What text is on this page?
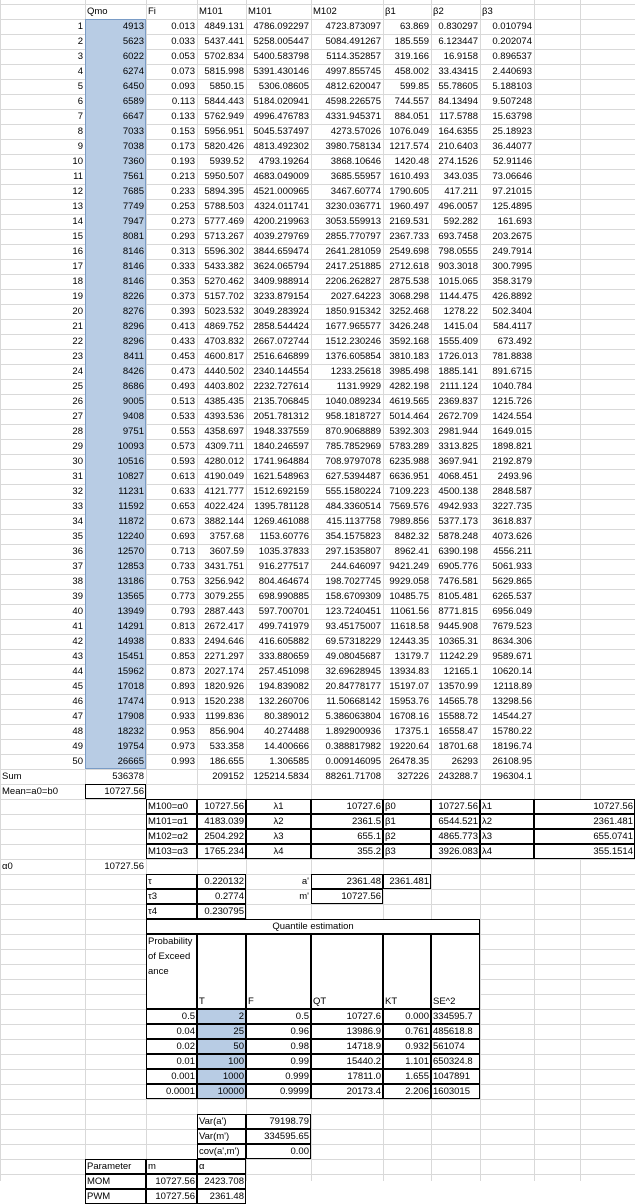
Qmo	Fi	M101	M101	M102	β1	β2	β3
1	4913	0.013 4849.131	4786.092297	4723.873097	63.869 0.830297	0.010794
2	5623	0.033 5437.441	5258.005447	5084.491267	185.559 6.123447	0.202074
3	6022	0.053 5702.834	5400.583798	5114.352857	319.166	16.9158	0.896537
4	6274	0.073 5815.998	5391.430146	4997.855745	458.002 33.43415	2.440693
5	6450	0.093	5850.15	5306.08605	4812.620047	599.85 55.78605	5.188103
6	6589	0.113 5844.443	5184.020941	4598.226575	744.557 84.13494	9.507248
7	6647	0.133 5762.949	4996.476783	4331.945371	884.051	117.5788	15.63798
8	7033	0.153 5956.951	5045.537497	4273.57026 1076.049 164.6355	25.18923
9	7038	0.173 5820.426	4813.492302	3980.758134 1217.574 210.6403	36.44077
10	7360	0.193	5939.52	4793.19264	3868.10646	1420.48 274.1526	52.91146
11	7561	0.213 5950.507	4683.049009	3685.55957 1610.493	343.035	73.06646
12	7685	0.233 5894.395	4521.000965	3467.60774 1790.605	417.211	97.21015
13	7749	0.253 5788.503	4324.011741	3230.036771 1960.497 496.0057	125.4895
14	7947	0.273 5777.469	4200.219963	3053.559913 2169.531	592.282	161.693
15	8081	0.293 5713.267	4039.279769	2855.770797 2367.733 693.7458	203.2675
16	8146	0.313 5596.302	3844.659474	2641.281059 2549.698 798.0555	249.7914
17	8146	0.333 5433.382	3624.065794	2417.251885 2712.618 903.3018	300.7995
18	8146	0.353 5270.462	3409.988914	2206.262827 2875.538 1015.065	358.3179
19	8226	0.373 5157.702	3233.879154	2027.64223 3068.298	1144.475	426.8892
20	8276	0.393 5023.532	3049.283924	1850.915342 3252.468	1278.22	502.3404
21	8296	0.413 4869.752	2858.544424	1677.965577 3426.248	1415.04	584.4117
22	8296	0.433 4703.832	2667.072744	1512.230246 3592.168 1555.409	673.492
23	8411	0.453 4600.817	2516.646899	1376.605854 3810.183 1726.013	781.8838
24	8426	0.473 4440.502	2340.144554	1233.25618 3985.498 1885.141	891.6715
25	8686	0.493 4403.802	2232.727614	1131.9929 4282.198	2111.124	1040.784
26	9005	0.513 4385.435	2135.706845	1040.089234 4619.565 2369.837	1215.726
27	9408	0.533 4393.536	2051.781312	958.1818727 5014.464 2672.709	1424.554
28	9751	0.553 4358.697	1948.337559	870.9068889 5392.303 2981.944	1649.015
29	10093	0.573	4309.711	1840.246597	785.7852969 5783.289 3313.825	1898.821
30	10516	0.593 4280.012	1741.964884	708.9797078 6235.988 3697.941	2192.879
31	10827	0.613 4190.049	1621.548963	627.5394487 6636.951 4068.451	2493.96
32	11231	0.633 4121.777	1512.692159	555.1580224 7109.223 4500.138	2848.587
33	11592	0.653 4022.424	1395.781128	484.3360514 7569.576 4942.933	3227.735
34	11872	0.673 3882.144	1269.461088	415.1137758 7989.856 5377.173	3618.837
35	12240	0.693	3757.68	1153.60776	354.1575823	8482.32 5878.248	4073.626
36	12570	0.713	3607.59	1035.37833	297.1535807	8962.41 6390.198	4556.211
37	12853	0.733 3431.751	916.277517	244.646097 9421.249 6905.776	5061.933
38	13186	0.753 3256.942	804.464674	198.7027745 9929.058 7476.581	5629.865
39	13565	0.773 3079.255	698.990885	158.6709309 10485.75 8105.481	6265.537
40	13949	0.793 2887.443	597.700701	123.7240451 11061.56 8771.815	6956.049
41	14291	0.813 2672.417	499.741979	93.45175007 11618.58 9445.908	7679.523
42	14938	0.833 2494.646	416.605882	69.57318229 12443.35 10365.31	8634.306
43	15451	0.853 2271.297	333.880659	49.08045687	13179.7	11242.29	9589.671
44	15962	0.873 2027.174	257.451098	32.69628945 13934.83	12165.1	10620.14
45	17018	0.893 1820.926	194.839082	20.84778177 15197.07 13570.99	12118.89
46	17474	0.913 1520.238	132.260706	11.50668142 15953.76 14565.78	13298.56
47	17908	0.933	1199.836	80.389012	5.386063804 16708.16 15588.72	14544.27
48	18232	0.953	856.904	40.274488	1.892900936	17375.1 16558.47	15780.22
49	19754	0.973	533.358	14.400666	0.388817982 19220.64 18701.68	18196.74
50	26665	0.993	186.655	1.306585	0.009146095 26478.35	26293	26108.95
Sum	536378	209152	125214.5834	88261.71708	327226 243288.7	196304.1
Mean=a0=b0	10727.56
M100=α0	10727.56	λ1	10727.6 β0	10727.56 λ1	10727.56
M101=α1	4183.039	λ2	2361.5 β1	6544.521 λ2	2361.481
M102=α2	2504.292	λ3	655.1 β2	4865.773 λ3	655.0741
M103=α3	1765.234	λ4	355.2 β3	3926.083 λ4	355.1514
α0	10727.56
τ	0.220132
τ3	0.2774
τ4	0.230795
a'	2361.48 2361.481
m'	10727.56
Quantile estimation
Probability of Exceedance
T	F	QT	KT	SE^2
0.5	2	0.5	10727.6	0.000 334595.7
0.04	25	0.96	13986.9	0.761 485618.8
0.02	50	0.98	14718.9	0.932 561074
0.01	100	0.99	15440.2	1.101 650324.8
0.001	1000	0.999	17811.0	1.655 1047891
0.0001	10000	0.9999	20173.4	2.206 1603015
Var(a')	79198.79
Var(m')	334595.65
cov(a',m')	0.00
Parameter	m	α
MOM	10727.56 2423.708
PWM	10727.56	2361.48
